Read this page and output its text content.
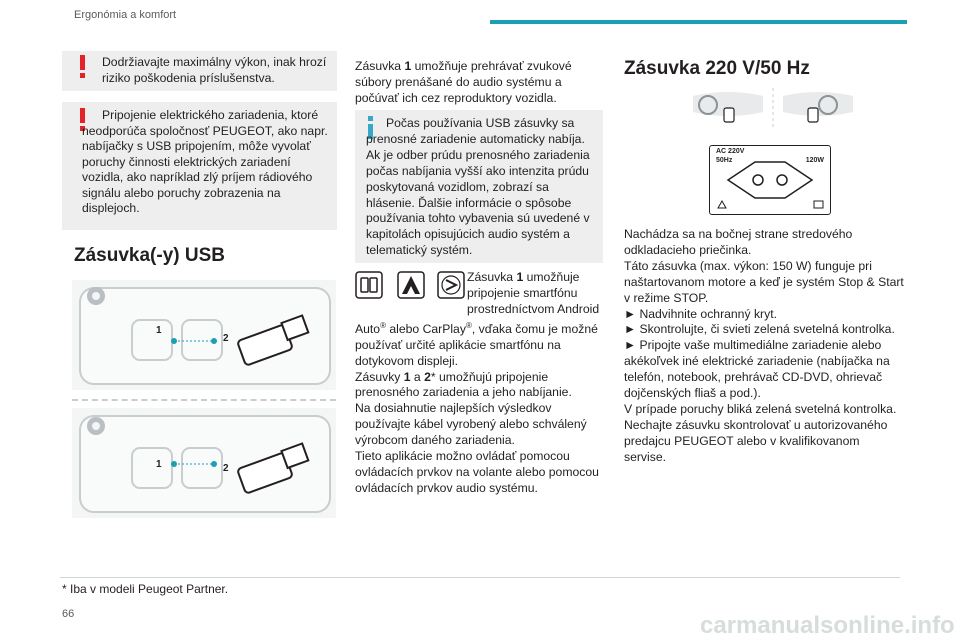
Ergonómia a komfort
Dodržiavajte maximálny výkon, inak hrozí riziko poškodenia príslušenstva.
Pripojenie elektrického zariadenia, ktoré neodporúča spoločnosť PEUGEOT, ako napr. nabíjačky s USB pripojením, môže vyvolať poruchy činnosti elektrických zariadení vozidla, ako napríklad zlý príjem rádiového signálu alebo poruchy zobrazenia na displejoch.
Zásuvka(-y) USB
1
2
1	2
Zásuvka 1 umožňuje prehrávať zvukové súbory prenášané do audio systému a počúvať ich cez reproduktory vozidla.
Počas používania USB zásuvky sa prenosné zariadenie automaticky nabíja. Ak je odber prúdu prenosného zariadenia počas nabíjania vyšší ako intenzita prúdu poskytovaná vozidlom, zobrazí sa hlásenie. Ďalšie informácie o spôsobe používania tohto vybavenia sú uvedené v kapitolách opisujúcich audio systém a telematický systém.
Zásuvka 1 umožňuje pripojenie smartfónu prostredníctvom Android Auto® alebo CarPlay®, vďaka čomu je možné používať určité aplikácie smartfónu na dotykovom displeji.
Zásuvky 1 a 2* umožňujú pripojenie prenosného zariadenia a jeho nabíjanie.
Na dosiahnutie najlepších výsledkov používajte kábel vyrobený alebo schválený výrobcom daného zariadenia.
Tieto aplikácie možno ovládať pomocou ovládacích prvkov na volante alebo pomocou ovládacích prvkov audio systému.
Zásuvka 220 V/50 Hz
AC 220V
50Hz	120W
Nachádza sa na bočnej strane stredového odkladacieho priečinka.
Táto zásuvka (max. výkon: 150 W) funguje pri naštartovanom motore a keď je systém Stop & Start v režime STOP.
► Nadvihnite ochranný kryt.
► Skontrolujte, či svieti zelená svetelná kontrolka.
► Pripojte vaše multimediálne zariadenie alebo akékoľvek iné elektrické zariadenie (nabíjačka na telefón, notebook, prehrávač CD-DVD, ohrievač dojčenských fliaš a pod.).
V prípade poruchy bliká zelená svetelná kontrolka.
Nechajte zásuvku skontrolovať u autorizovaného predajcu PEUGEOT alebo v kvalifikovanom servise.
* Iba v modeli Peugeot Partner.
66	carmanualsonline.info
